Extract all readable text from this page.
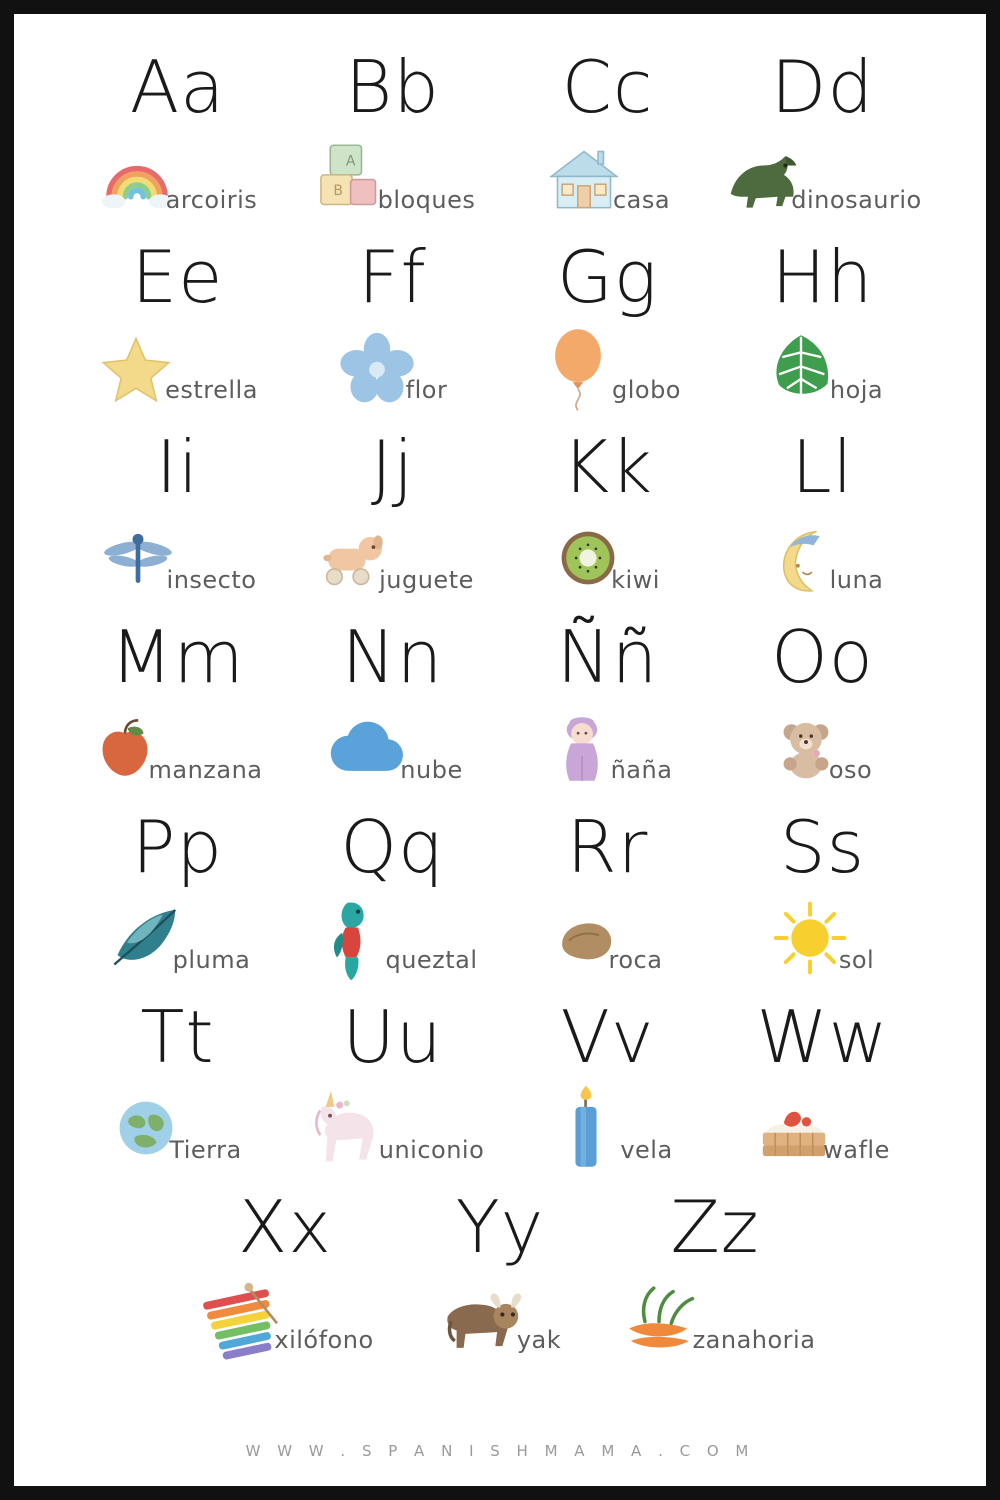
Aa
arcoiris
Bb
A
B bloques
Cc
casa
Dd
dinosaurio
Ee
estrella
Ff
flor
Gg
globo
Hh
hoja
Ii
insecto
Jj
juguete
Kk
kiwi
Ll
luna
Mm
manzana
Nn
nube
Ññ
ñaña
Oo
oso
Pp
pluma
Qq
queztal
Rr
roca
Ss
sol
Tt
Tierra
Uu
uniconio
Vv
vela
Ww
wafle
Xx
xilófono
Yy
yak
Zz
zanahoria
W W W . S P A N I S H M A M A . C O M
